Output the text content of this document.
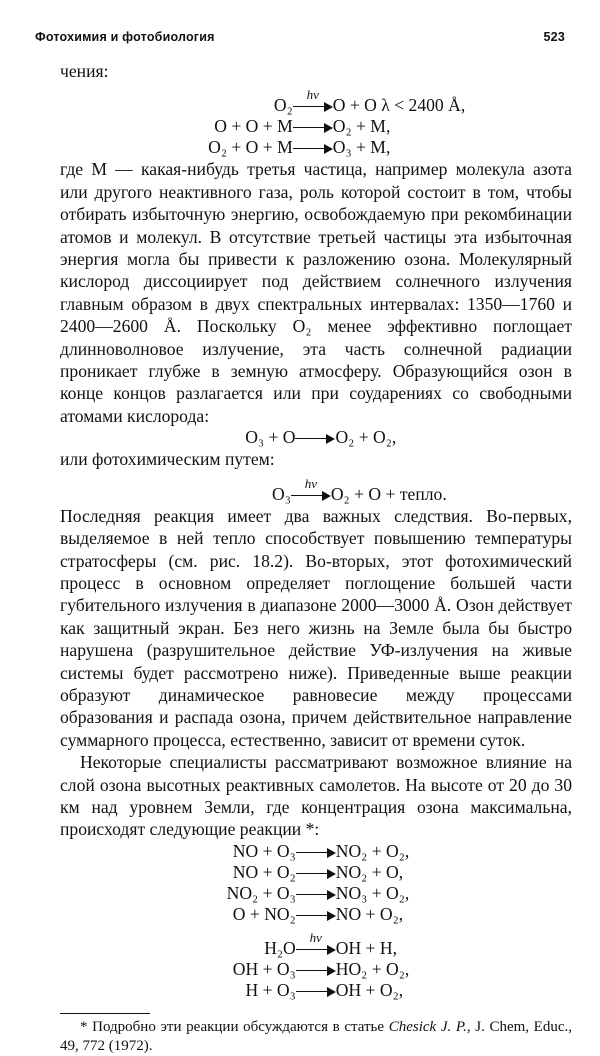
Фотохимия и фотобиология	523

чения:

O₂	hν	O + O λ < 2400 Å,
O + O + M		O₂ + M,
O₂ + O + M		O₃ + M,

где M — какая-нибудь третья частица, например молекула азота или другого неактивного газа, роль которой состоит в том, чтобы отбирать избыточную энергию, освобождаемую при рекомбинации атомов и молекул. В отсутствие третьей частицы эта избыточная энергия могла бы привести к разложению озона. Молекулярный кислород диссоциирует под действием солнечного излучения главным образом в двух спектральных интервалах: 1350—1760 и 2400—2600 Å. Поскольку O₂ менее эффективно поглощает длинноволновое излучение, эта часть солнечной радиации проникает глубже в земную атмосферу. Образующийся озон в конце концов разлагается или при соударениях со свободными атомами кислорода:

O₃ + O		O₂ + O₂,

или фотохимическим путем:

O₃	
hν
	O₂ + O + тепло.

Последняя реакция имеет два важных следствия. Во-первых, выделяемое в ней тепло способствует повышению температуры стратосферы (см. рис. 18.2). Во-вторых, этот фотохимический процесс в основном определяет поглощение большей части губительного излучения в диапазоне 2000—3000 Å. Озон действует как защитный экран. Без него жизнь на Земле была бы быстро нарушена (разрушительное действие УФ-излучения на живые системы будет рассмотрено ниже). Приведенные выше реакции образуют динамическое равновесие между процессами образования и распада озона, причем действительное направление суммарного процесса, естественно, зависит от времени суток.

Некоторые специалисты рассматривают возможное влияние на слой озона высотных реактивных самолетов. На высоте от 20 до 30 км над уровнем Земли, где концентрация озона максимальна, происходят следующие реакции *:

NO + O₃		NO₂ + O₂,
NO + O₂		NO₂ + O,
NO₂ + O₃		NO₃ + O₂,
O + NO₂		NO + O₂,
H₂O	hν	OH + H,
OH + O₃		HO₂ + O₂,
H + O₃		OH + O₂,

* Подробно эти реакции обсуждаются в статье Chesick J. P., J. Chem, Educ., 49, 772 (1972).
